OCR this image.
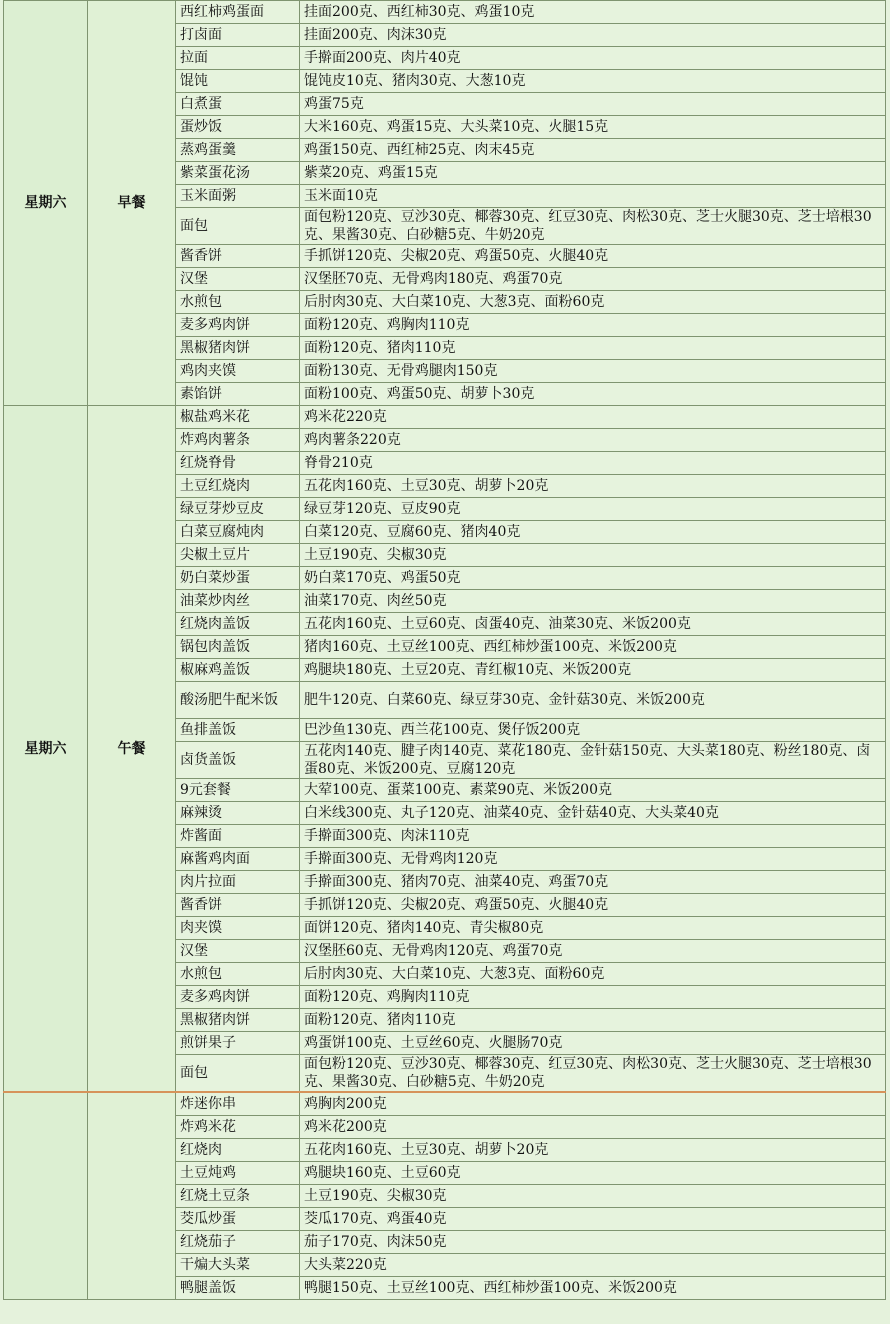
星期六	早餐	西红柿鸡蛋面	挂面200克、西红柿30克、鸡蛋10克
		打卤面	挂面200克、肉沫30克
		拉面	手擀面200克、肉片40克
		馄饨	馄饨皮10克、猪肉30克、大葱10克
		白煮蛋	鸡蛋75克
		蛋炒饭	大米160克、鸡蛋15克、大头菜10克、火腿15克
		蒸鸡蛋羹	鸡蛋150克、西红柿25克、肉末45克
		紫菜蛋花汤	紫菜20克、鸡蛋15克
		玉米面粥	玉米面10克
		面包	面包粉120克、豆沙30克、椰蓉30克、红豆30克、肉松30克、芝士火腿30克、芝士培根30克、果酱30克、白砂糖5克、牛奶20克
		酱香饼	手抓饼120克、尖椒20克、鸡蛋50克、火腿40克
		汉堡	汉堡胚70克、无骨鸡肉180克、鸡蛋70克
		水煎包	后肘肉30克、大白菜10克、大葱3克、面粉60克
		麦多鸡肉饼	面粉120克、鸡胸肉110克
		黑椒猪肉饼	面粉120克、猪肉110克
		鸡肉夹馍	面粉130克、无骨鸡腿肉150克
		素馅饼	面粉100克、鸡蛋50克、胡萝卜30克
星期六	午餐	椒盐鸡米花	鸡米花220克
		炸鸡肉薯条	鸡肉薯条220克
		红烧脊骨	脊骨210克
		土豆红烧肉	五花肉160克、土豆30克、胡萝卜20克
		绿豆芽炒豆皮	绿豆芽120克、豆皮90克
		白菜豆腐炖肉	白菜120克、豆腐60克、猪肉40克
		尖椒土豆片	土豆190克、尖椒30克
		奶白菜炒蛋	奶白菜170克、鸡蛋50克
		油菜炒肉丝	油菜170克、肉丝50克
		红烧肉盖饭	五花肉160克、土豆60克、卤蛋40克、油菜30克、米饭200克
		锅包肉盖饭	猪肉160克、土豆丝100克、西红柿炒蛋100克、米饭200克
		椒麻鸡盖饭	鸡腿块180克、土豆20克、青红椒10克、米饭200克
		酸汤肥牛配米饭	肥牛120克、白菜60克、绿豆芽30克、金针菇30克、米饭200克
		鱼排盖饭	巴沙鱼130克、西兰花100克、煲仔饭200克
		卤货盖饭	五花肉140克、腱子肉140克、菜花180克、金针菇150克、大头菜180克、粉丝180克、卤蛋80克、米饭200克、豆腐120克
		9元套餐	大荤100克、蛋菜100克、素菜90克、米饭200克
		麻辣烫	白米线300克、丸子120克、油菜40克、金针菇40克、大头菜40克
		炸酱面	手擀面300克、肉沫110克
		麻酱鸡肉面	手擀面300克、无骨鸡肉120克
		肉片拉面	手擀面300克、猪肉70克、油菜40克、鸡蛋70克
		酱香饼	手抓饼120克、尖椒20克、鸡蛋50克、火腿40克
		肉夹馍	面饼120克、猪肉140克、青尖椒80克
		汉堡	汉堡胚60克、无骨鸡肉120克、鸡蛋70克
		水煎包	后肘肉30克、大白菜10克、大葱3克、面粉60克
		麦多鸡肉饼	面粉120克、鸡胸肉110克
		黑椒猪肉饼	面粉120克、猪肉110克
		煎饼果子	鸡蛋饼100克、土豆丝60克、火腿肠70克
		面包	面包粉120克、豆沙30克、椰蓉30克、红豆30克、肉松30克、芝士火腿30克、芝士培根30克、果酱30克、白砂糖5克、牛奶20克
		炸迷你串	鸡胸肉200克
		炸鸡米花	鸡米花200克
		红烧肉	五花肉160克、土豆30克、胡萝卜20克
		土豆炖鸡	鸡腿块160克、土豆60克
		红烧土豆条	土豆190克、尖椒30克
		茭瓜炒蛋	茭瓜170克、鸡蛋40克
		红烧茄子	茄子170克、肉沫50克
		干煸大头菜	大头菜220克
		鸭腿盖饭	鸭腿150克、土豆丝100克、西红柿炒蛋100克、米饭200克
